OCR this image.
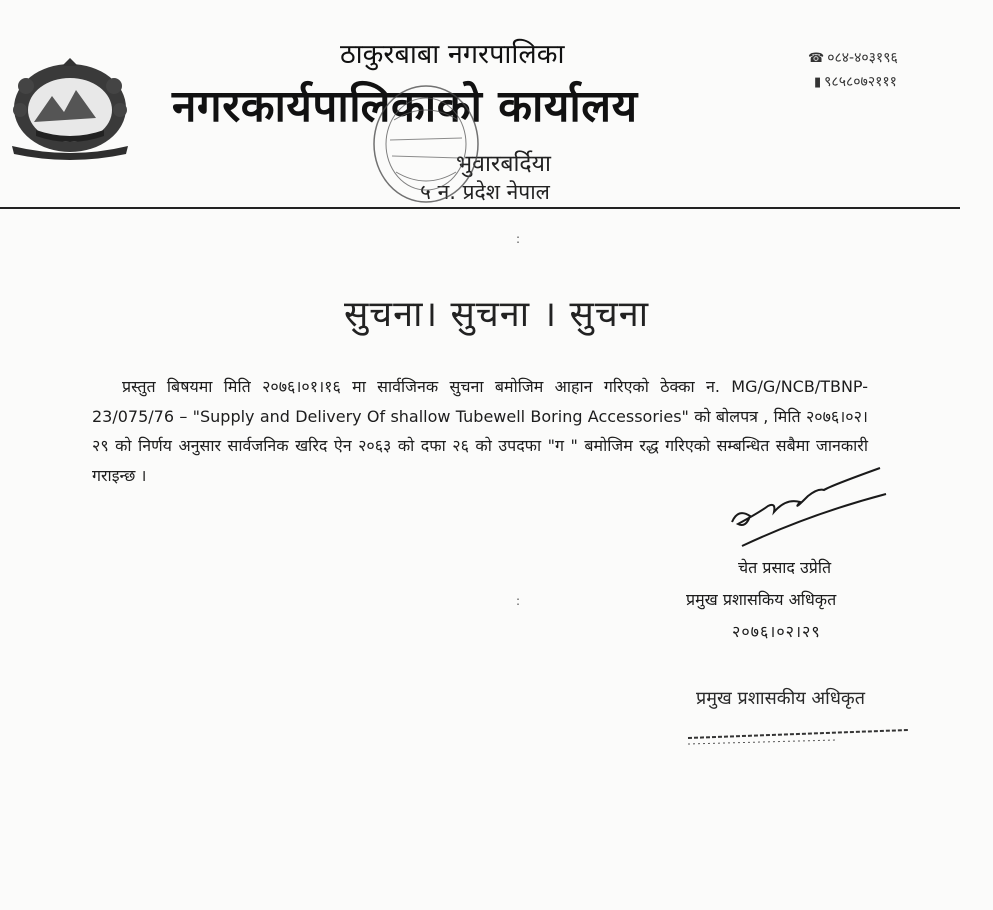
ठाकुरबाबा नगरपालिका
नगरकार्यपालिकाको कार्यालय
भुवारबर्दिया
५ न. प्रदेश नेपाल
☎ ०८४-४०३१९६
▮ ९८५८०७२१११
:
सुचना। सुचना । सुचना
प्रस्तुत बिषयमा मिति २०७६।०१।१६ मा सार्वजिनक सुचना बमोजिम आहान गरिएको ठेक्का न. MG/G/NCB/TBNP-23/075/76 – "Supply and Delivery Of shallow Tubewell Boring Accessories" को बोलपत्र , मिति २०७६।०२।२९ को निर्णय अनुसार सार्वजनिक खरिद ऐन २०६३ को दफा २६ को उपदफा "ग " बमोजिम रद्ध गरिएको सम्बन्धित सबैमा जानकारी गराइन्छ ।
चेत प्रसाद उप्रेति
प्रमुख प्रशासकिय अधिकृत
२०७६।०२।२९
:
प्रमुख प्रशासकीय अधिकृत
